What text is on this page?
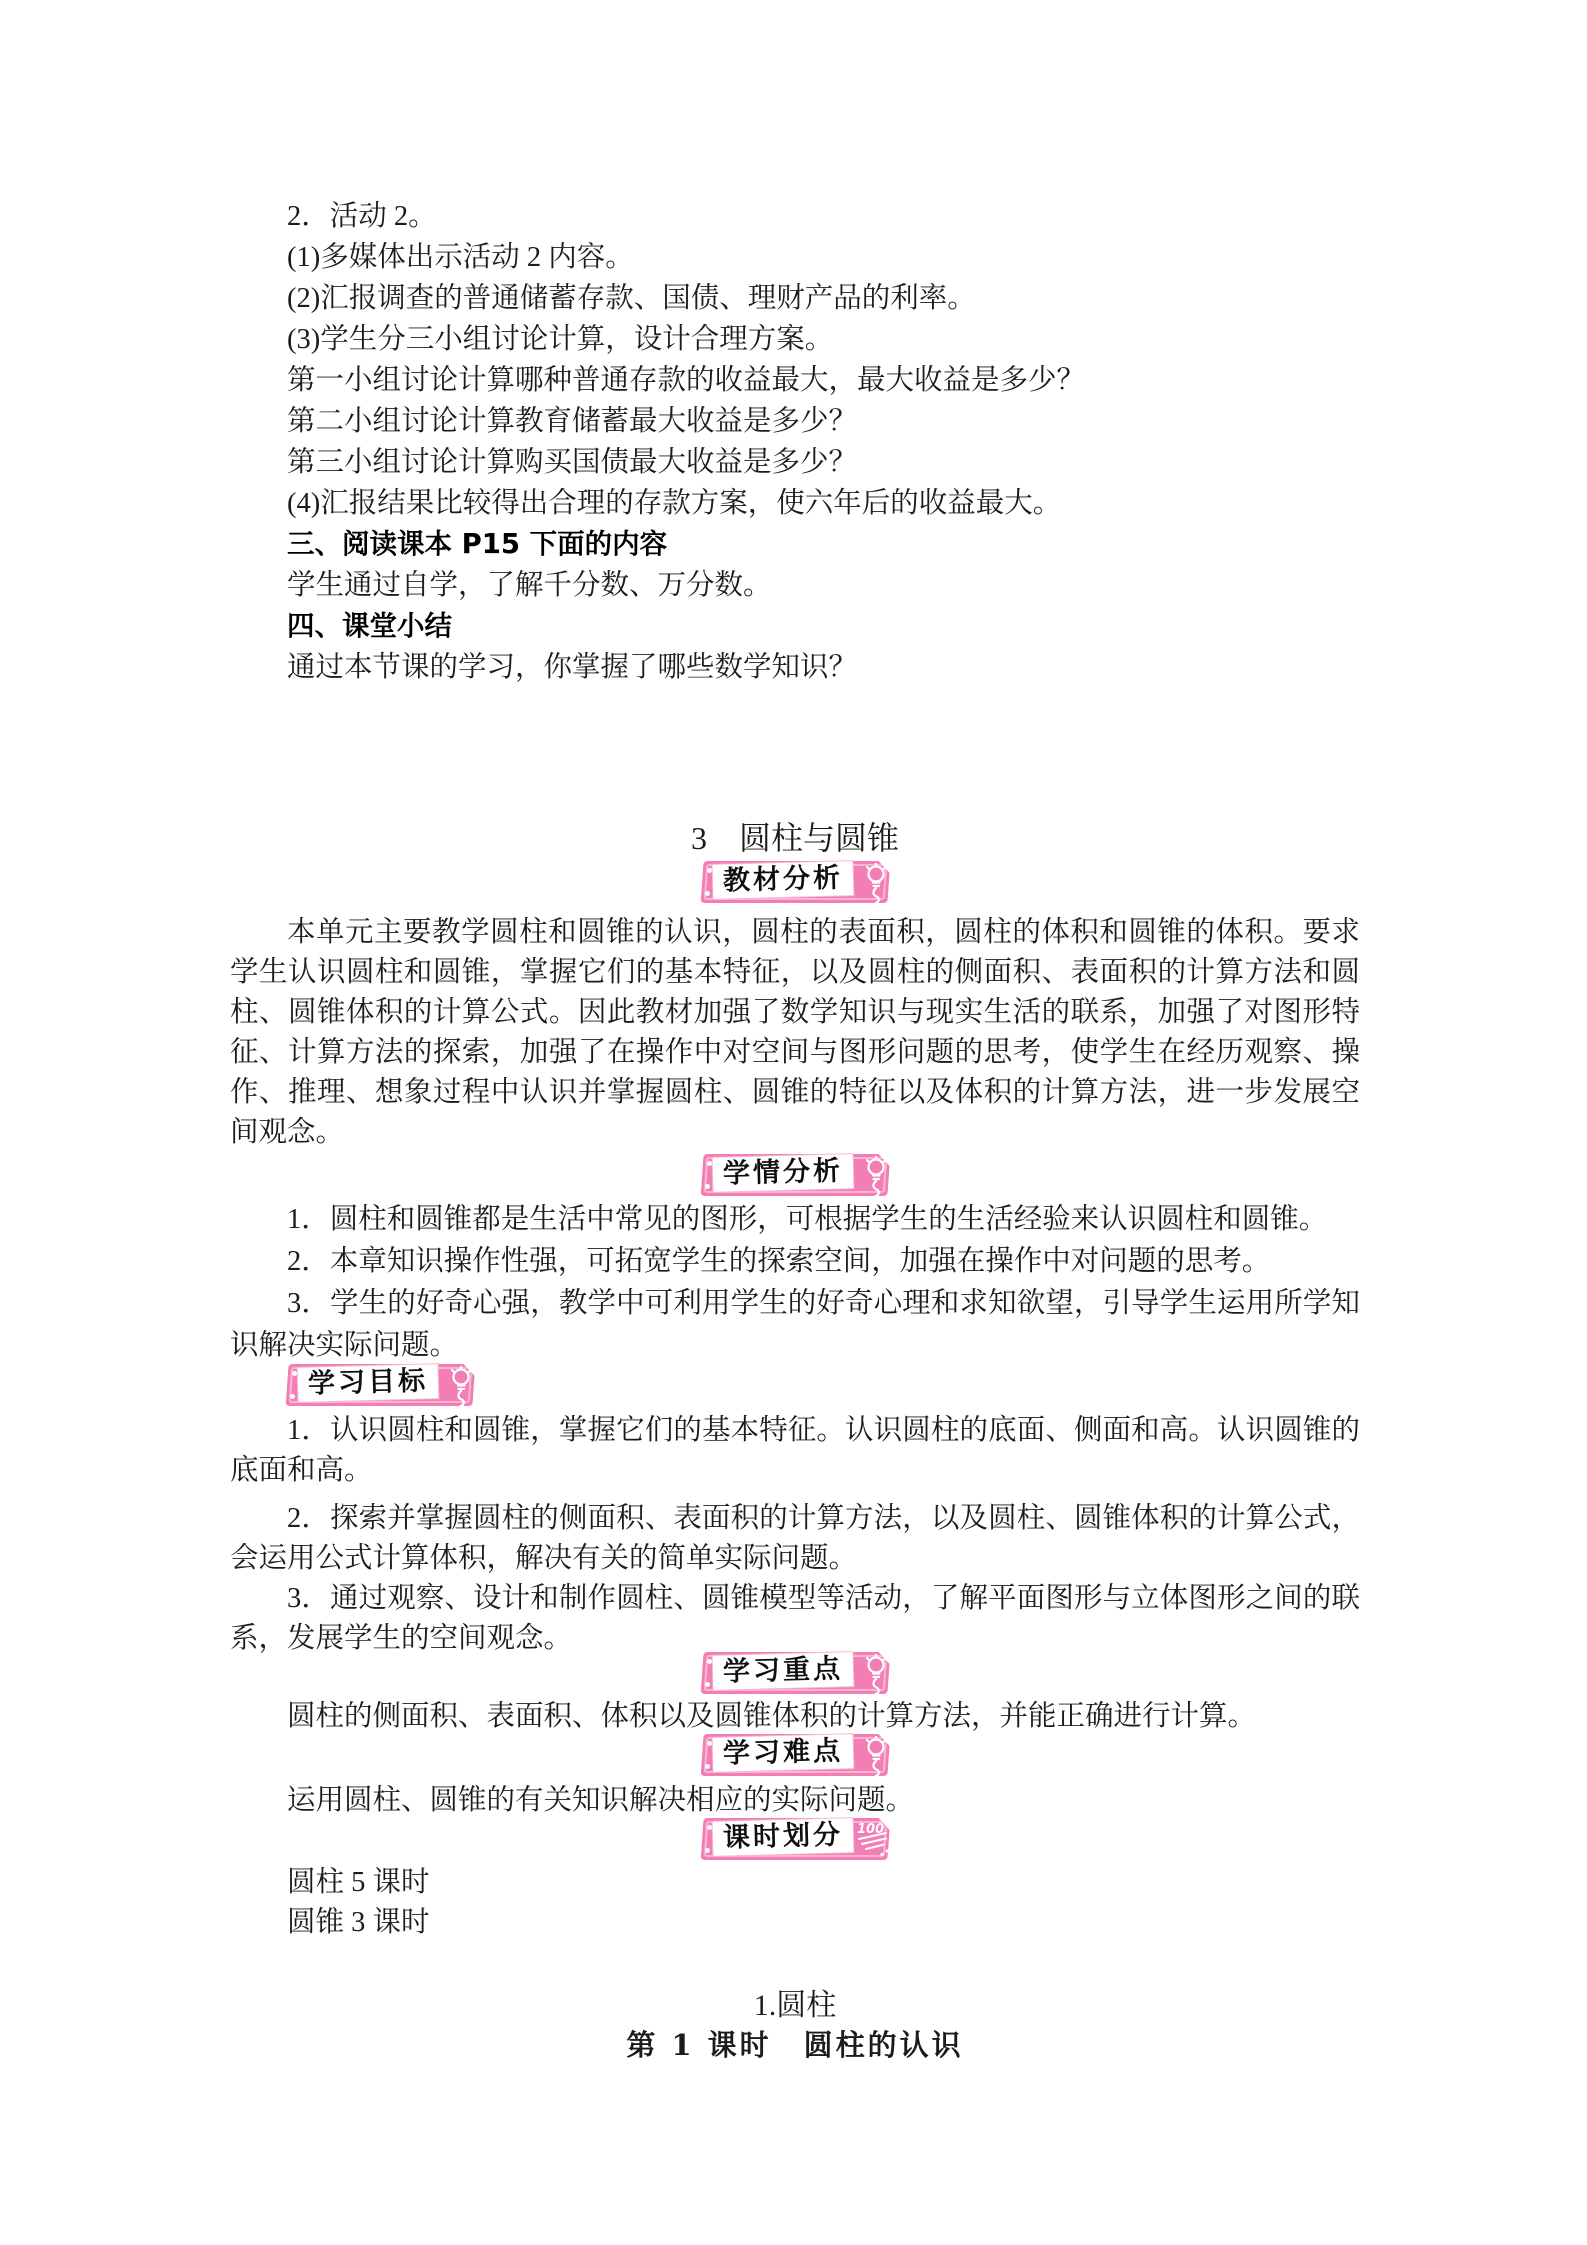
2．活动 2。

(1)多媒体出示活动 2 内容。

(2)汇报调查的普通储蓄存款、国债、理财产品的利率。

(3)学生分三小组讨论计算，设计合理方案。

第一小组讨论计算哪种普通存款的收益最大，最大收益是多少？

第二小组讨论计算教育储蓄最大收益是多少？

第三小组讨论计算购买国债最大收益是多少？

(4)汇报结果比较得出合理的存款方案，使六年后的收益最大。

三、阅读课本 P15 下面的内容

学生通过自学，了解千分数、万分数。

四、课堂小结

通过本节课的学习，你掌握了哪些数学知识？

3　圆柱与圆锥
教材分析

本单元主要教学圆柱和圆锥的认识，圆柱的表面积，圆柱的体积和圆锥的体积。要求学生认识圆柱和圆锥，掌握它们的基本特征，以及圆柱的侧面积、表面积的计算方法和圆柱、圆锥体积的计算公式。因此教材加强了数学知识与现实生活的联系，加强了对图形特征、计算方法的探索，加强了在操作中对空间与图形问题的思考，使学生在经历观察、操作、推理、想象过程中认识并掌握圆柱、圆锥的特征以及体积的计算方法，进一步发展空间观念。

学情分析

1．圆柱和圆锥都是生活中常见的图形，可根据学生的生活经验来认识圆柱和圆锥。

2．本章知识操作性强，可拓宽学生的探索空间，加强在操作中对问题的思考。

3．学生的好奇心强，教学中可利用学生的好奇心理和求知欲望，引导学生运用所学知识解决实际问题。

学习目标

1．认识圆柱和圆锥，掌握它们的基本特征。认识圆柱的底面、侧面和高。认识圆锥的底面和高。

2．探索并掌握圆柱的侧面积、表面积的计算方法，以及圆柱、圆锥体积的计算公式，会运用公式计算体积，解决有关的简单实际问题。

3．通过观察、设计和制作圆柱、圆锥模型等活动，了解平面图形与立体图形之间的联系，发展学生的空间观念。

学习重点

圆柱的侧面积、表面积、体积以及圆锥体积的计算方法，并能正确进行计算。

学习难点

运用圆柱、圆锥的有关知识解决相应的实际问题。

课时划分 100

圆柱 5 课时

圆锥 3 课时

1.圆柱
第 1 课时　圆柱的认识
